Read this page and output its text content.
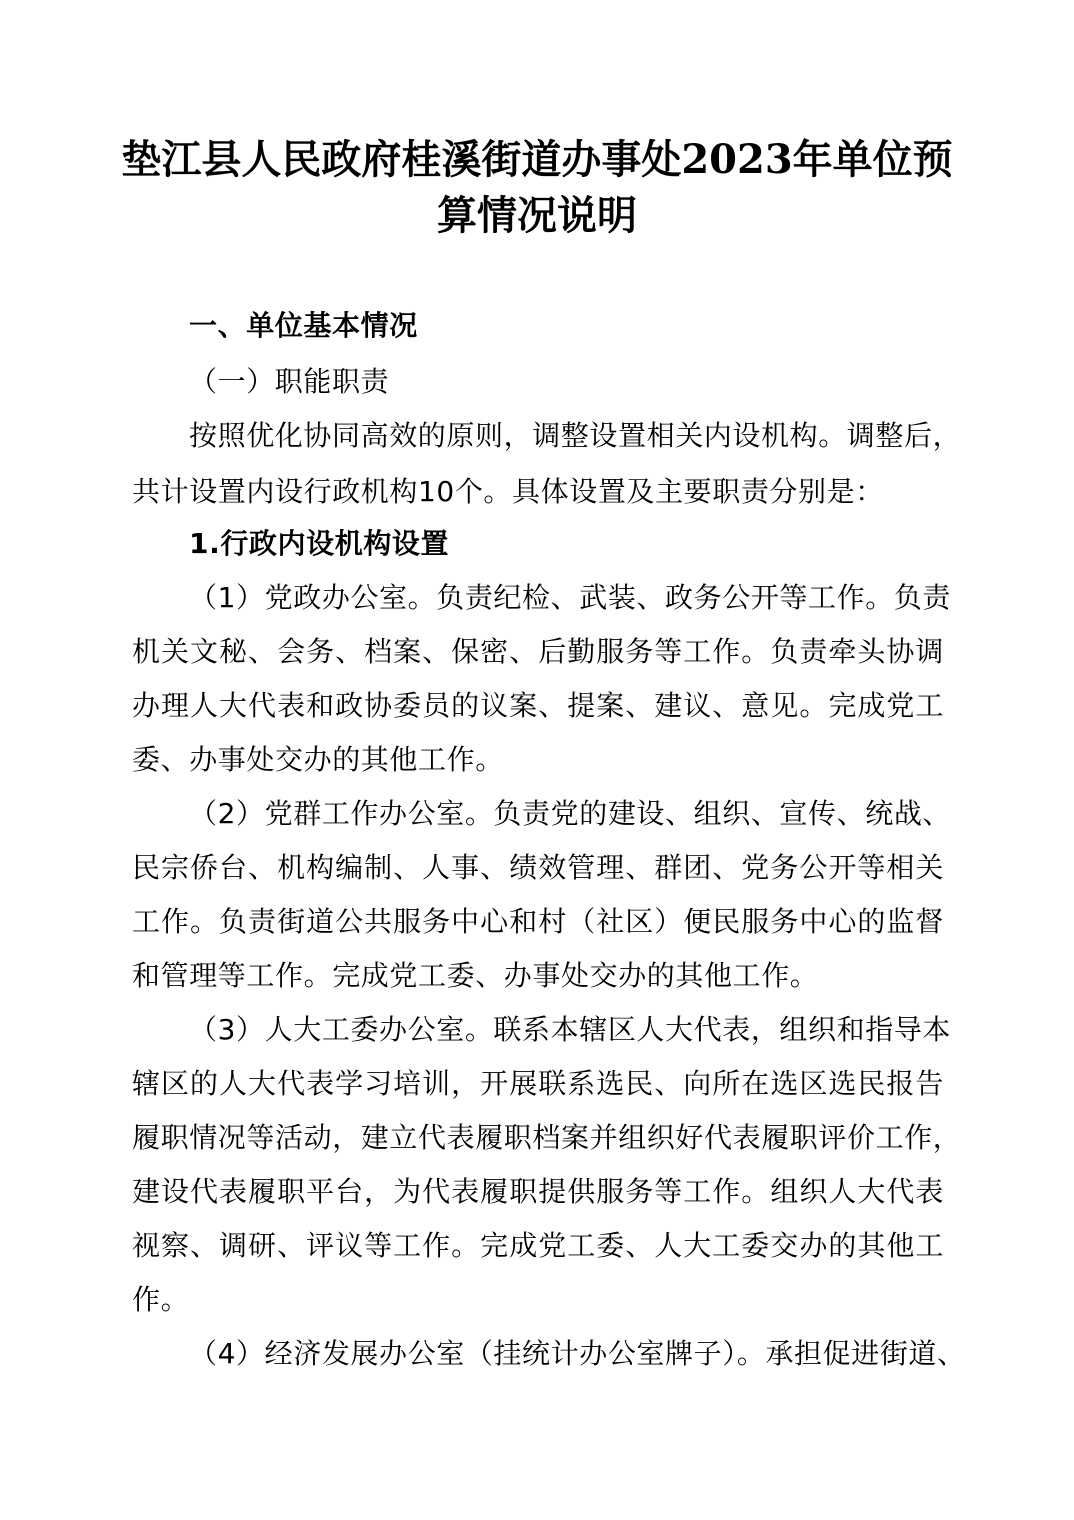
垫江县人民政府桂溪街道办事处2023年单位预
算情况说明
一、单位基本情况
（一）职能职责
按照优化协同高效的原则，调整设置相关内设机构。调整后，
共计设置内设行政机构10个。具体设置及主要职责分别是：
1.行政内设机构设置
（1）党政办公室。负责纪检、武装、政务公开等工作。负责
机关文秘、会务、档案、保密、后勤服务等工作。负责牵头协调
办理人大代表和政协委员的议案、提案、建议、意见。完成党工
委、办事处交办的其他工作。
（2）党群工作办公室。负责党的建设、组织、宣传、统战、
民宗侨台、机构编制、人事、绩效管理、群团、党务公开等相关
工作。负责街道公共服务中心和村（社区）便民服务中心的监督
和管理等工作。完成党工委、办事处交办的其他工作。
（3）人大工委办公室。联系本辖区人大代表，组织和指导本
辖区的人大代表学习培训，开展联系选民、向所在选区选民报告
履职情况等活动，建立代表履职档案并组织好代表履职评价工作，
建设代表履职平台，为代表履职提供服务等工作。组织人大代表
视察、调研、评议等工作。完成党工委、人大工委交办的其他工
作。
（4）经济发展办公室（挂统计办公室牌子）。承担促进街道、
